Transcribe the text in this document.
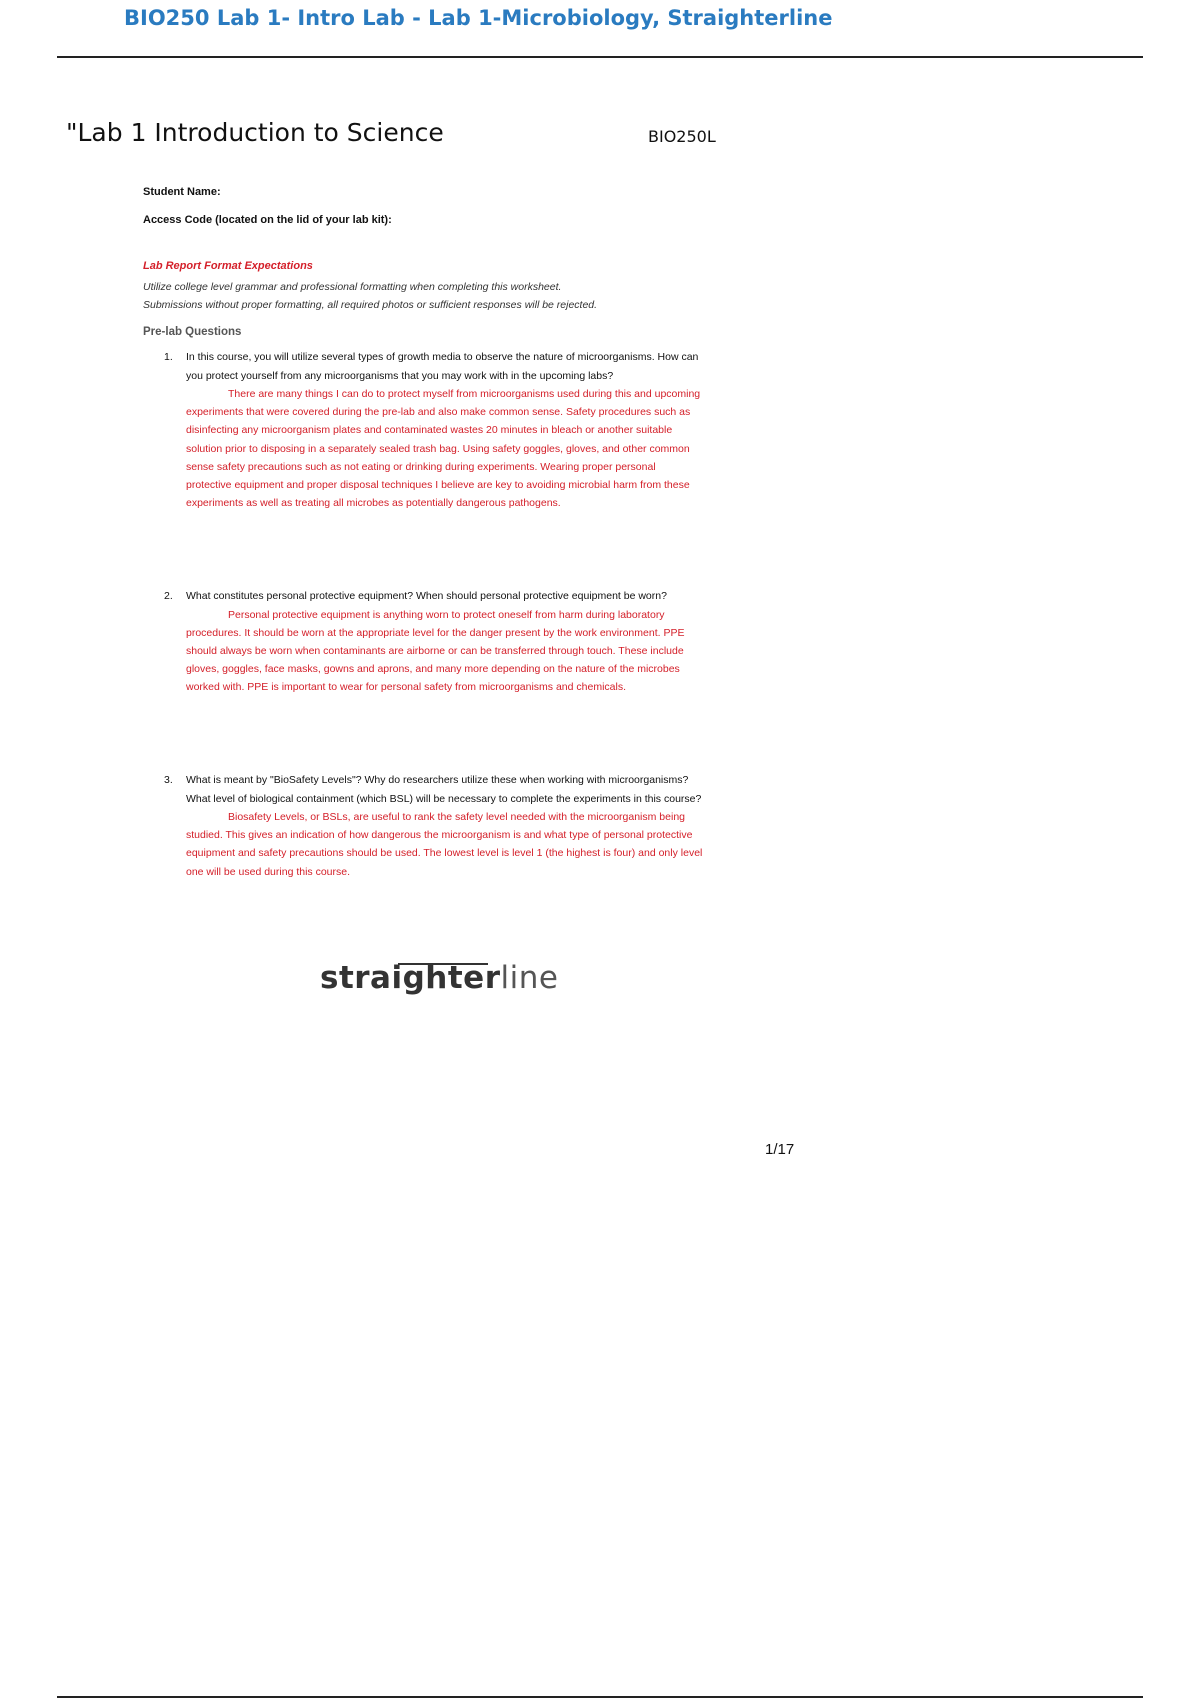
BIO250 Lab 1- Intro Lab - Lab 1-Microbiology, Straighterline
"Lab 1 Introduction to Science	BIO250L
Student Name:
Access Code (located on the lid of your lab kit):
Lab Report Format Expectations
Utilize college level grammar and professional formatting when completing this worksheet.
Submissions without proper formatting, all required photos or sufficient responses will be rejected.
Pre-lab Questions
1. In this course, you will utilize several types of growth media to observe the nature of microorganisms. How can you protect yourself from any microorganisms that you may work with in the upcoming labs?
There are many things I can do to protect myself from microorganisms used during this and upcoming experiments that were covered during the pre-lab and also make common sense. Safety procedures such as disinfecting any microorganism plates and contaminated wastes 20 minutes in bleach or another suitable solution prior to disposing in a separately sealed trash bag. Using safety goggles, gloves, and other common sense safety precautions such as not eating or drinking during experiments. Wearing proper personal protective equipment and proper disposal techniques I believe are key to avoiding microbial harm from these experiments as well as treating all microbes as potentially dangerous pathogens.
2. What constitutes personal protective equipment? When should personal protective equipment be worn?
Personal protective equipment is anything worn to protect oneself from harm during laboratory procedures. It should be worn at the appropriate level for the danger present by the work environment. PPE should always be worn when contaminants are airborne or can be transferred through touch. These include gloves, goggles, face masks, gowns and aprons, and many more depending on the nature of the microbes worked with. PPE is important to wear for personal safety from microorganisms and chemicals.
3. What is meant by "BioSafety Levels"? Why do researchers utilize these when working with microorganisms? What level of biological containment (which BSL) will be necessary to complete the experiments in this course?
Biosafety Levels, or BSLs, are useful to rank the safety level needed with the microorganism being studied. This gives an indication of how dangerous the microorganism is and what type of personal protective equipment and safety precautions should be used. The lowest level is level 1 (the highest is four) and only level one will be used during this course.
straighterline
1/17
